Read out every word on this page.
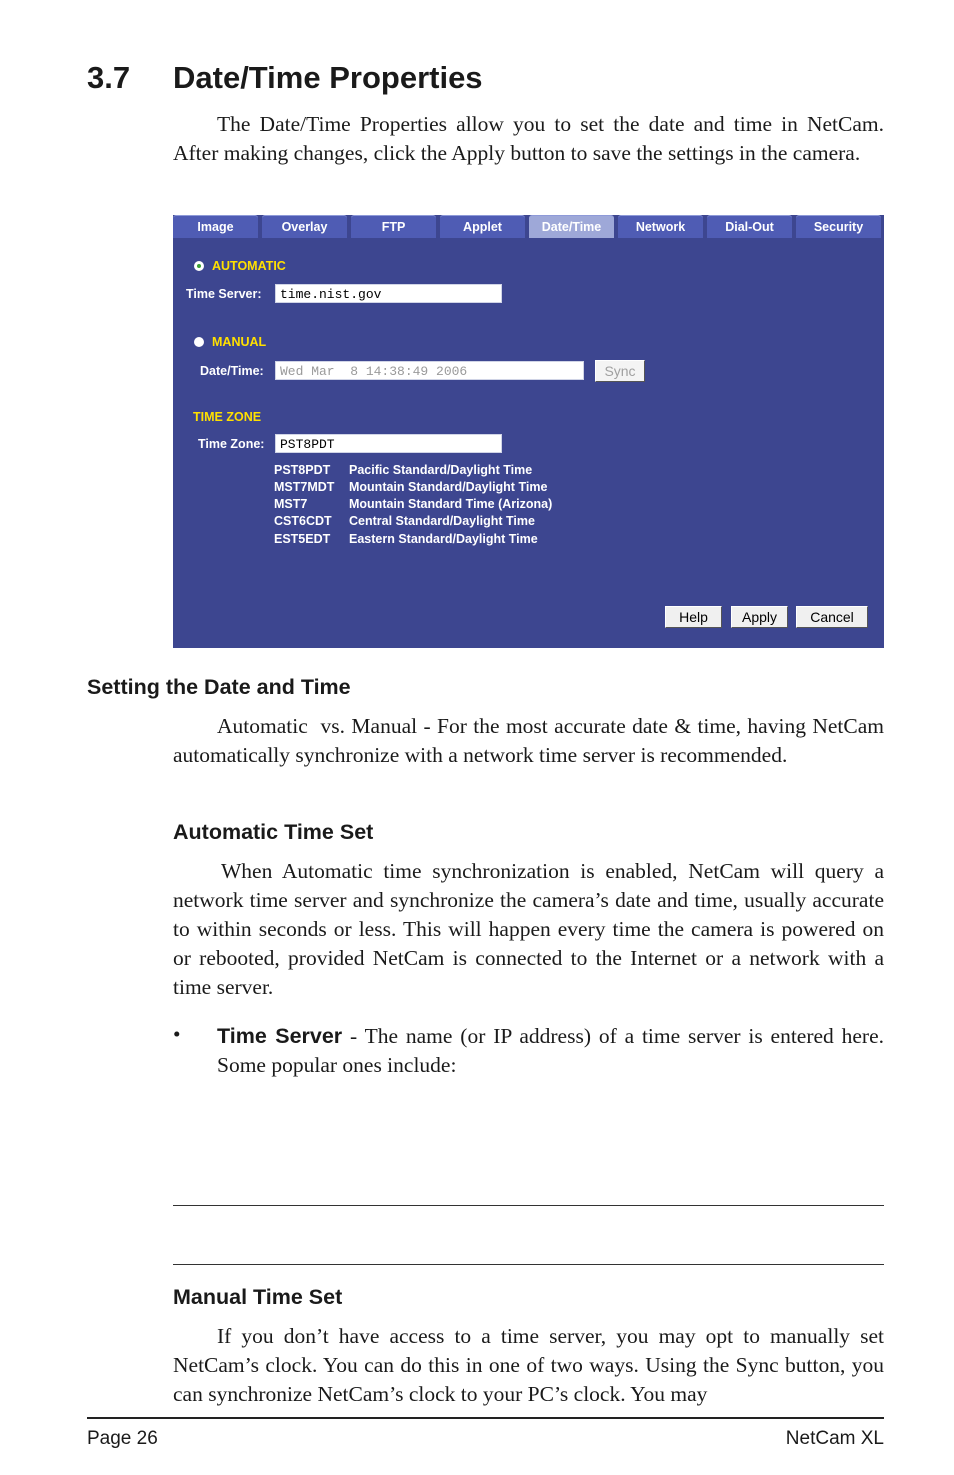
3.7 Date/Time Properties
The Date/Time Properties allow you to set the date and time in NetCam. After making changes, click the Apply button to save the settings in the camera.
Image	Overlay	FTP	Applet	Date/Time	Network	Dial-Out	Security
AUTOMATIC
Time Server:	time.nist.gov
MANUAL
Date/Time:	Wed Mar  8 14:38:49 2006	Sync
TIME ZONE
Time Zone:	PST8PDT
PST8PDT	Pacific Standard/Daylight Time
MST7MDT	Mountain Standard/Daylight Time
MST7	Mountain Standard Time (Arizona)
CST6CDT	Central Standard/Daylight Time
EST5EDT	Eastern Standard/Daylight Time
Help	Apply	Cancel
Setting the Date and Time
Automatic  vs. Manual - For the most accurate date & time, having NetCam automatically synchronize with a network time server is recommended.
Automatic Time Set
When Automatic time synchronization is enabled, NetCam will query a network time server and synchronize the camera’s date and time, usually accurate to within seconds or less. This will happen every time the camera is powered on or rebooted, provided NetCam is connected to the Internet or a network with a time server.
• Time Server - The name (or IP address) of a time server is entered here. Some popular ones include:
Manual Time Set
If you don’t have access to a time server, you may opt to manually set NetCam’s clock. You can do this in one of two ways. Using the Sync button, you can synchronize NetCam’s clock to your PC’s clock. You may
Page 26	NetCam XL
